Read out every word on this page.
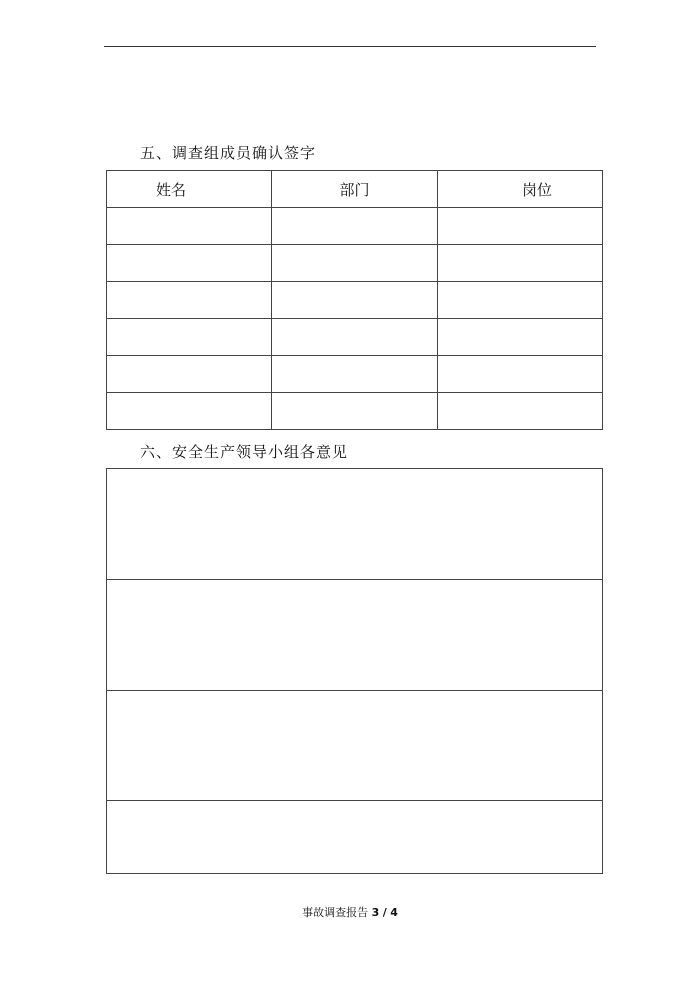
五、调查组成员确认签字
姓名	部门	岗位

六、安全生产领导小组各意见
事故调查报告 3 / 4
